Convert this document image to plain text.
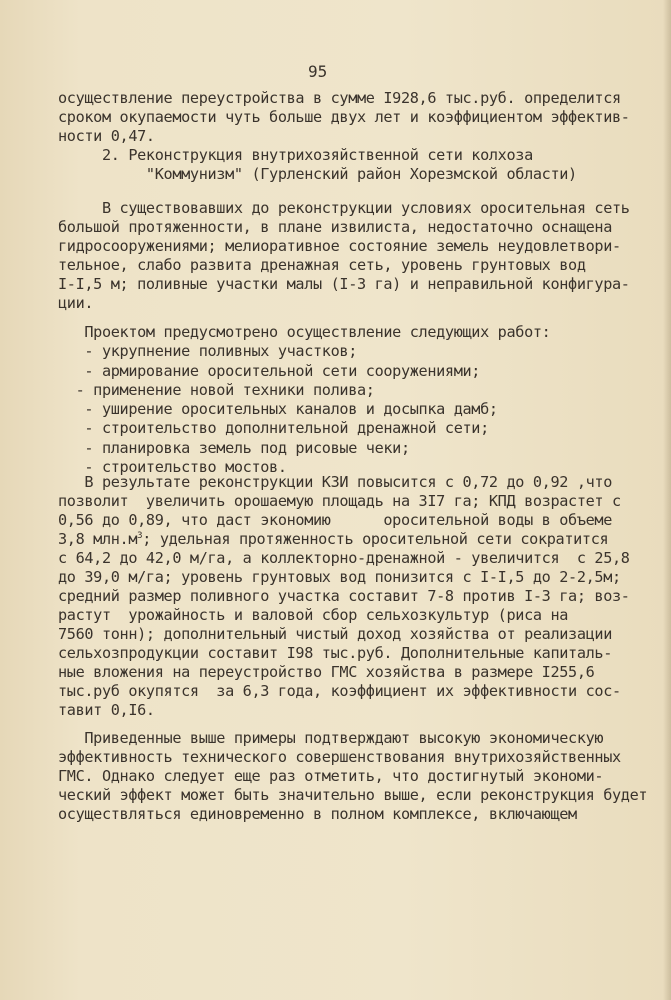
95
осуществление переустройства в сумме I928,6 тыс.руб. определится
сроком окупаемости чуть больше двух лет и коэффициентом эффектив-
ности 0,47.
2. Реконструкция внутрихозяйственной сети колхоза
"Коммунизм" (Гурленский район Хорезмской области)
В существовавших до реконструкции условиях оросительная сеть
большой протяженности, в плане извилиста, недостаточно оснащена
гидросооружениями; мелиоративное состояние земель неудовлетвори-
тельное, слабо развита дренажная сеть, уровень грунтовых вод
I-I,5 м; поливные участки малы (I-3 га) и неправильной конфигура-
ции.
Проектом предусмотрено осуществление следующих работ:
- укрупнение поливных участков;
- армирование оросительной сети сооружениями;
- применение новой техники полива;
- уширение оросительных каналов и досыпка дамб;
- строительство дополнительной дренажной сети;
- планировка земель под рисовые чеки;
- строительство мостов.
В результате реконструкции КЗИ повысится с 0,72 до 0,92 ,что
позволит  увеличить орошаемую площадь на 3I7 га; КПД возрастет с
0,56 до 0,89, что даст экономию      оросительной воды в объеме
3,8 $млн.м^3$; удельная протяженность оросительной сети сократится
с 64,2 до 42,0 м/га, а коллекторно-дренажной - увеличится  с 25,8
до 39,0 м/га; уровень грунтовых вод понизится с I-I,5 до 2-2,5м;
средний размер поливного участка составит 7-8 против I-3 га; воз-
растут  урожайность и валовой сбор сельхозкультур (риса на
7560 тонн); дополнительный чистый доход хозяйства от реализации
сельхозпродукции составит I98 тыс.руб. Дополнительные капиталь-
ные вложения на переустройство ГМС хозяйства в размере I255,6
тыс.руб окупятся  за 6,3 года, коэффициент их эффективности сос-
тавит 0,I6.
Приведенные выше примеры подтверждают высокую экономическую
эффективность технического совершенствования внутрихозяйственных
ГМС. Однако следует еще раз отметить, что достигнутый экономи-
ческий эффект может быть значительно выше, если реконструкция будет
осуществляться единовременно в полном комплексе, включающем
